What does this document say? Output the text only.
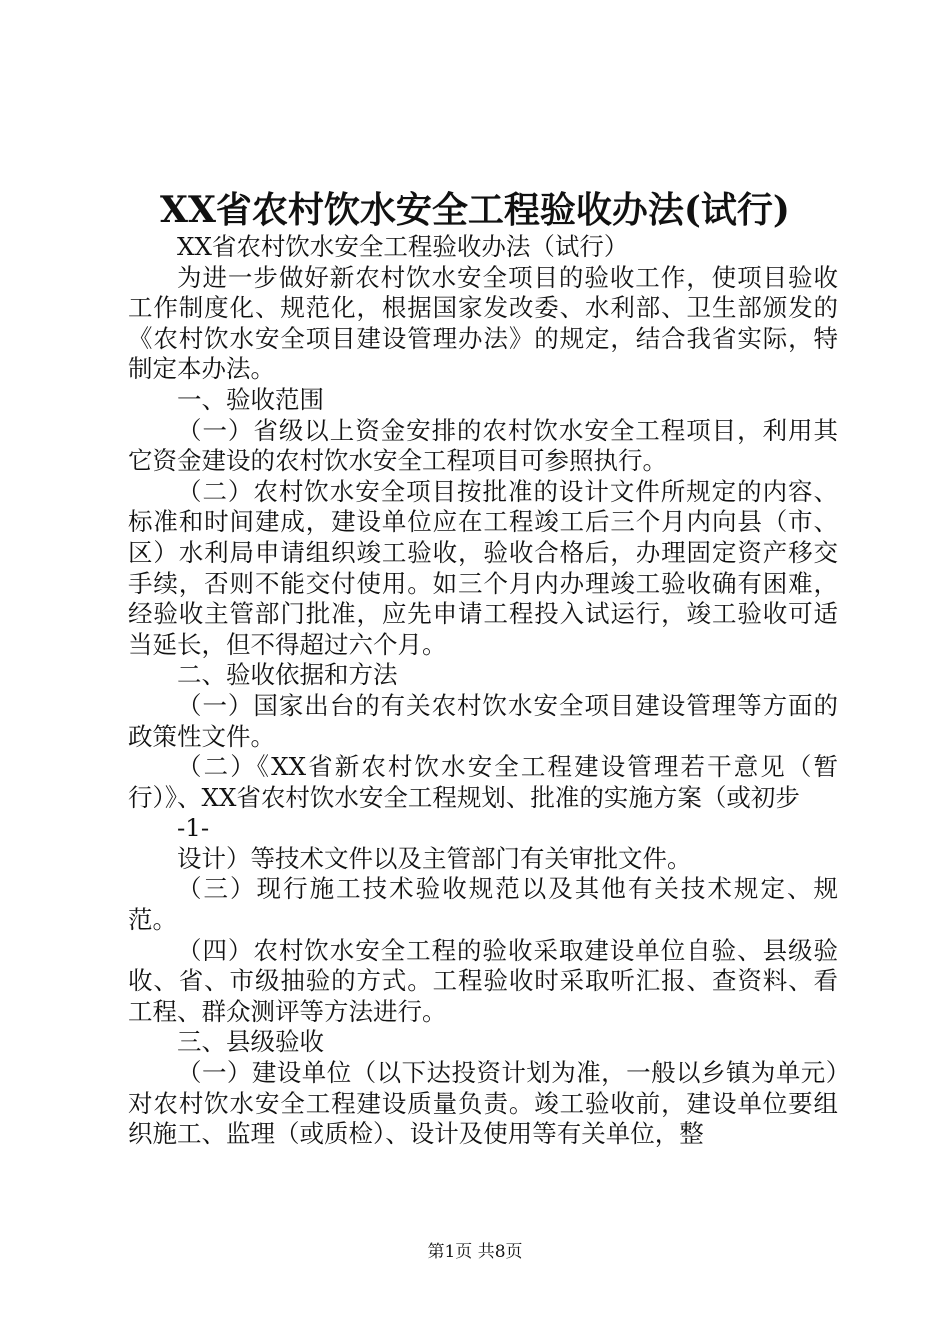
XX省农村饮水安全工程验收办法(试行)

XX省农村饮水安全工程验收办法（试行）

为进一步做好新农村饮水安全项目的验收工作，使项目验收工作制度化、规范化，根据国家发改委、水利部、卫生部颁发的《农村饮水安全项目建设管理办法》的规定，结合我省实际，特制定本办法。

一、验收范围

（一）省级以上资金安排的农村饮水安全工程项目，利用其它资金建设的农村饮水安全工程项目可参照执行。

（二）农村饮水安全项目按批准的设计文件所规定的内容、标准和时间建成，建设单位应在工程竣工后三个月内向县（市、区）水利局申请组织竣工验收，验收合格后，办理固定资产移交手续，否则不能交付使用。如三个月内办理竣工验收确有困难，经验收主管部门批准，应先申请工程投入试运行，竣工验收可适当延长，但不得超过六个月。

二、验收依据和方法

（一）国家出台的有关农村饮水安全项目建设管理等方面的政策性文件。

（二）《XX省新农村饮水安全工程建设管理若干意见（暂行）》、XX省农村饮水安全工程规划、批准的实施方案（或初步

-1-

设计）等技术文件以及主管部门有关审批文件。

（三）现行施工技术验收规范以及其他有关技术规定、规范。

（四）农村饮水安全工程的验收采取建设单位自验、县级验收、省、市级抽验的方式。工程验收时采取听汇报、查资料、看工程、群众测评等方法进行。

三、县级验收

（一）建设单位（以下达投资计划为准，一般以乡镇为单元）对农村饮水安全工程建设质量负责。竣工验收前，建设单位要组织施工、监理（或质检）、设计及使用等有关单位，整

第1页 共8页
